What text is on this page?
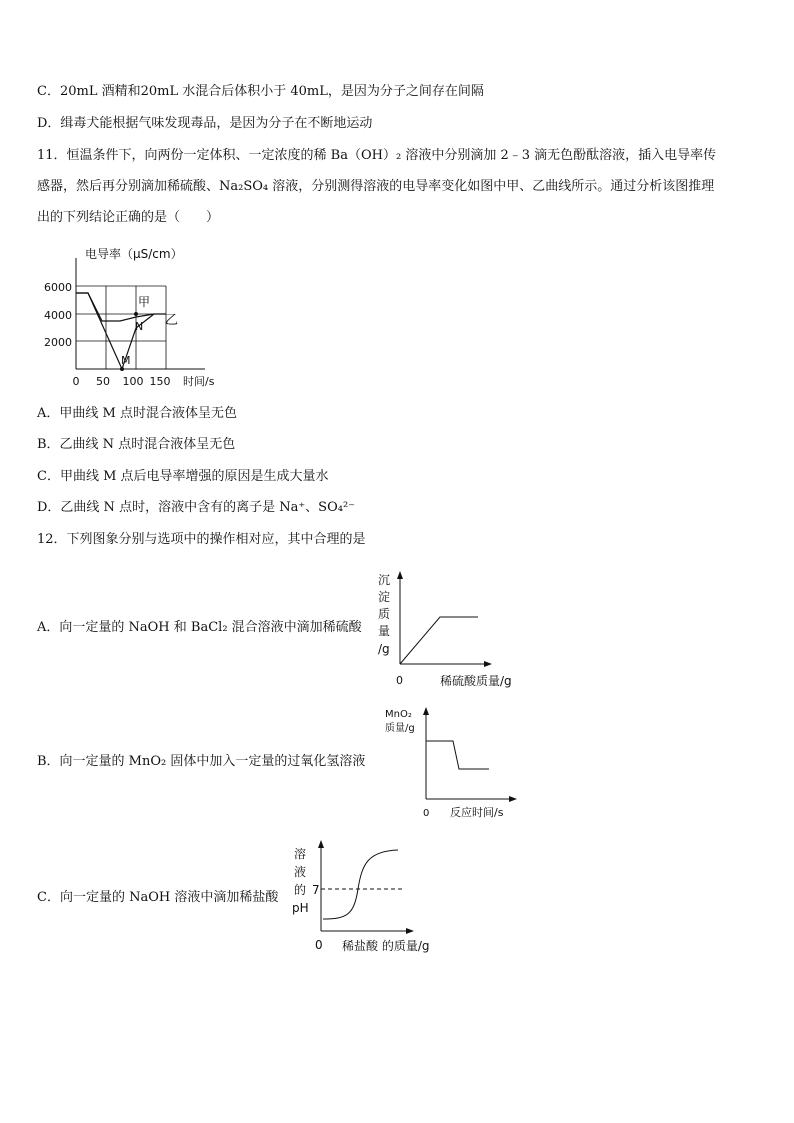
C．20mL 酒精和20mL 水混合后体积小于 40mL，是因为分子之间存在间隔
D．缉毒犬能根据气味发现毒品，是因为分子在不断地运动
11．恒温条件下，向两份一定体积、一定浓度的稀 Ba（OH）₂ 溶液中分别滴加 2﹣3 滴无色酚酞溶液，插入电导率传
感器，然后再分别滴加稀硫酸、Na₂SO₄ 溶液，分别测得溶液的电导率变化如图中甲、乙曲线所示。通过分析该图推理
出的下列结论正确的是（　　）
电导率（μS/cm）
6000
4000
2000
0 50 100 150 时间/s
M
N
甲
乙
A．甲曲线 M 点时混合液体呈无色
B．乙曲线 N 点时混合液体呈无色
C．甲曲线 M 点后电导率增强的原因是生成大量水
D．乙曲线 N 点时，溶液中含有的离子是 Na⁺、SO₄²⁻
12．下列图象分别与选项中的操作相对应，其中合理的是
A．向一定量的 NaOH 和 BaCl₂ 混合溶液中滴加稀硫酸
沉
淀
质
量
/g
0	稀硫酸质量/g
B．向一定量的 MnO₂ 固体中加入一定量的过氧化氢溶液
MnO₂
质量/g
0 反应时间/s
C．向一定量的 NaOH 溶液中滴加稀盐酸
溶
液
的
pH
7
0 稀盐酸 的质量/g
